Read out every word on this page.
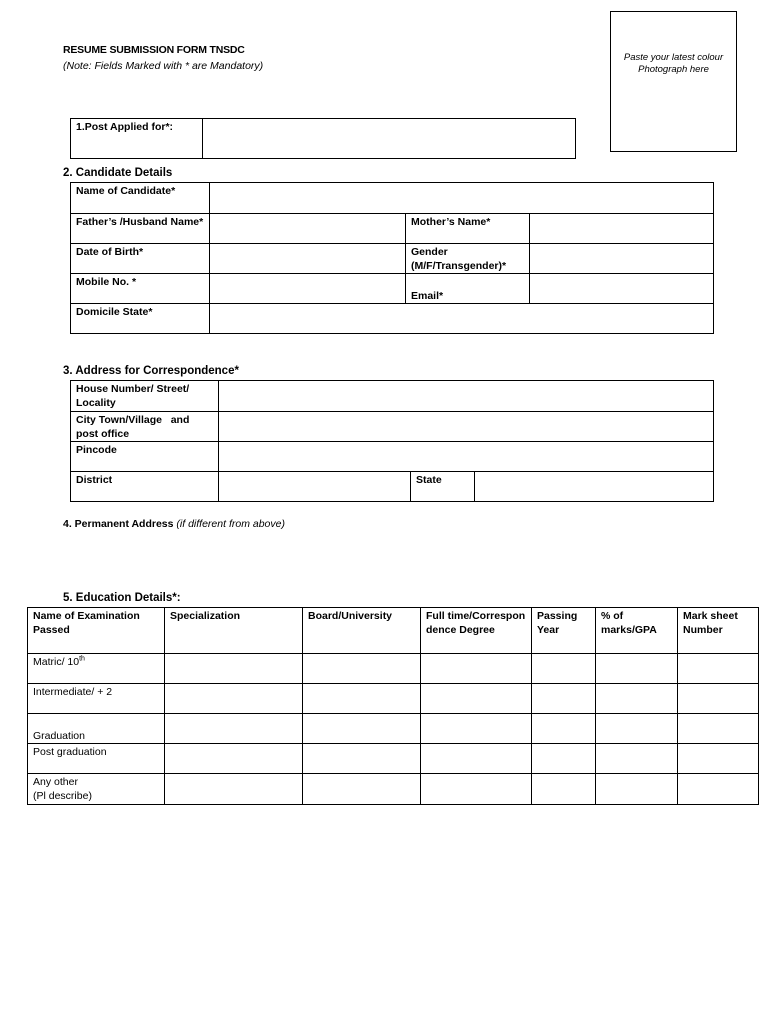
RESUME SUBMISSION FORM TNSDC
(Note: Fields Marked with * are Mandatory)
Paste your latest colour
Photograph here
1.Post Applied for*:	
2. Candidate Details
Name of Candidate*			
Father’s /Husband Name*		Mother’s Name*	
Date of Birth*		Gender (M/F/Transgender)*	
Mobile No. *		Email*	
Domicile State*			
3. Address for Correspondence*
House Number/ Street/ Locality			
City Town/Village   and post office			
Pincode			
District		State	
4. Permanent Address (if different from above)
5. Education Details*:
Name of Examination Passed	Specialization	Board/University	Full time/Correspondence Degree	Passing Year	% of marks/GPA	Mark sheet Number
Matric/ 10th						
Intermediate/ + 2						
Graduation						
Post graduation						

Any other
(Pl describe)						
